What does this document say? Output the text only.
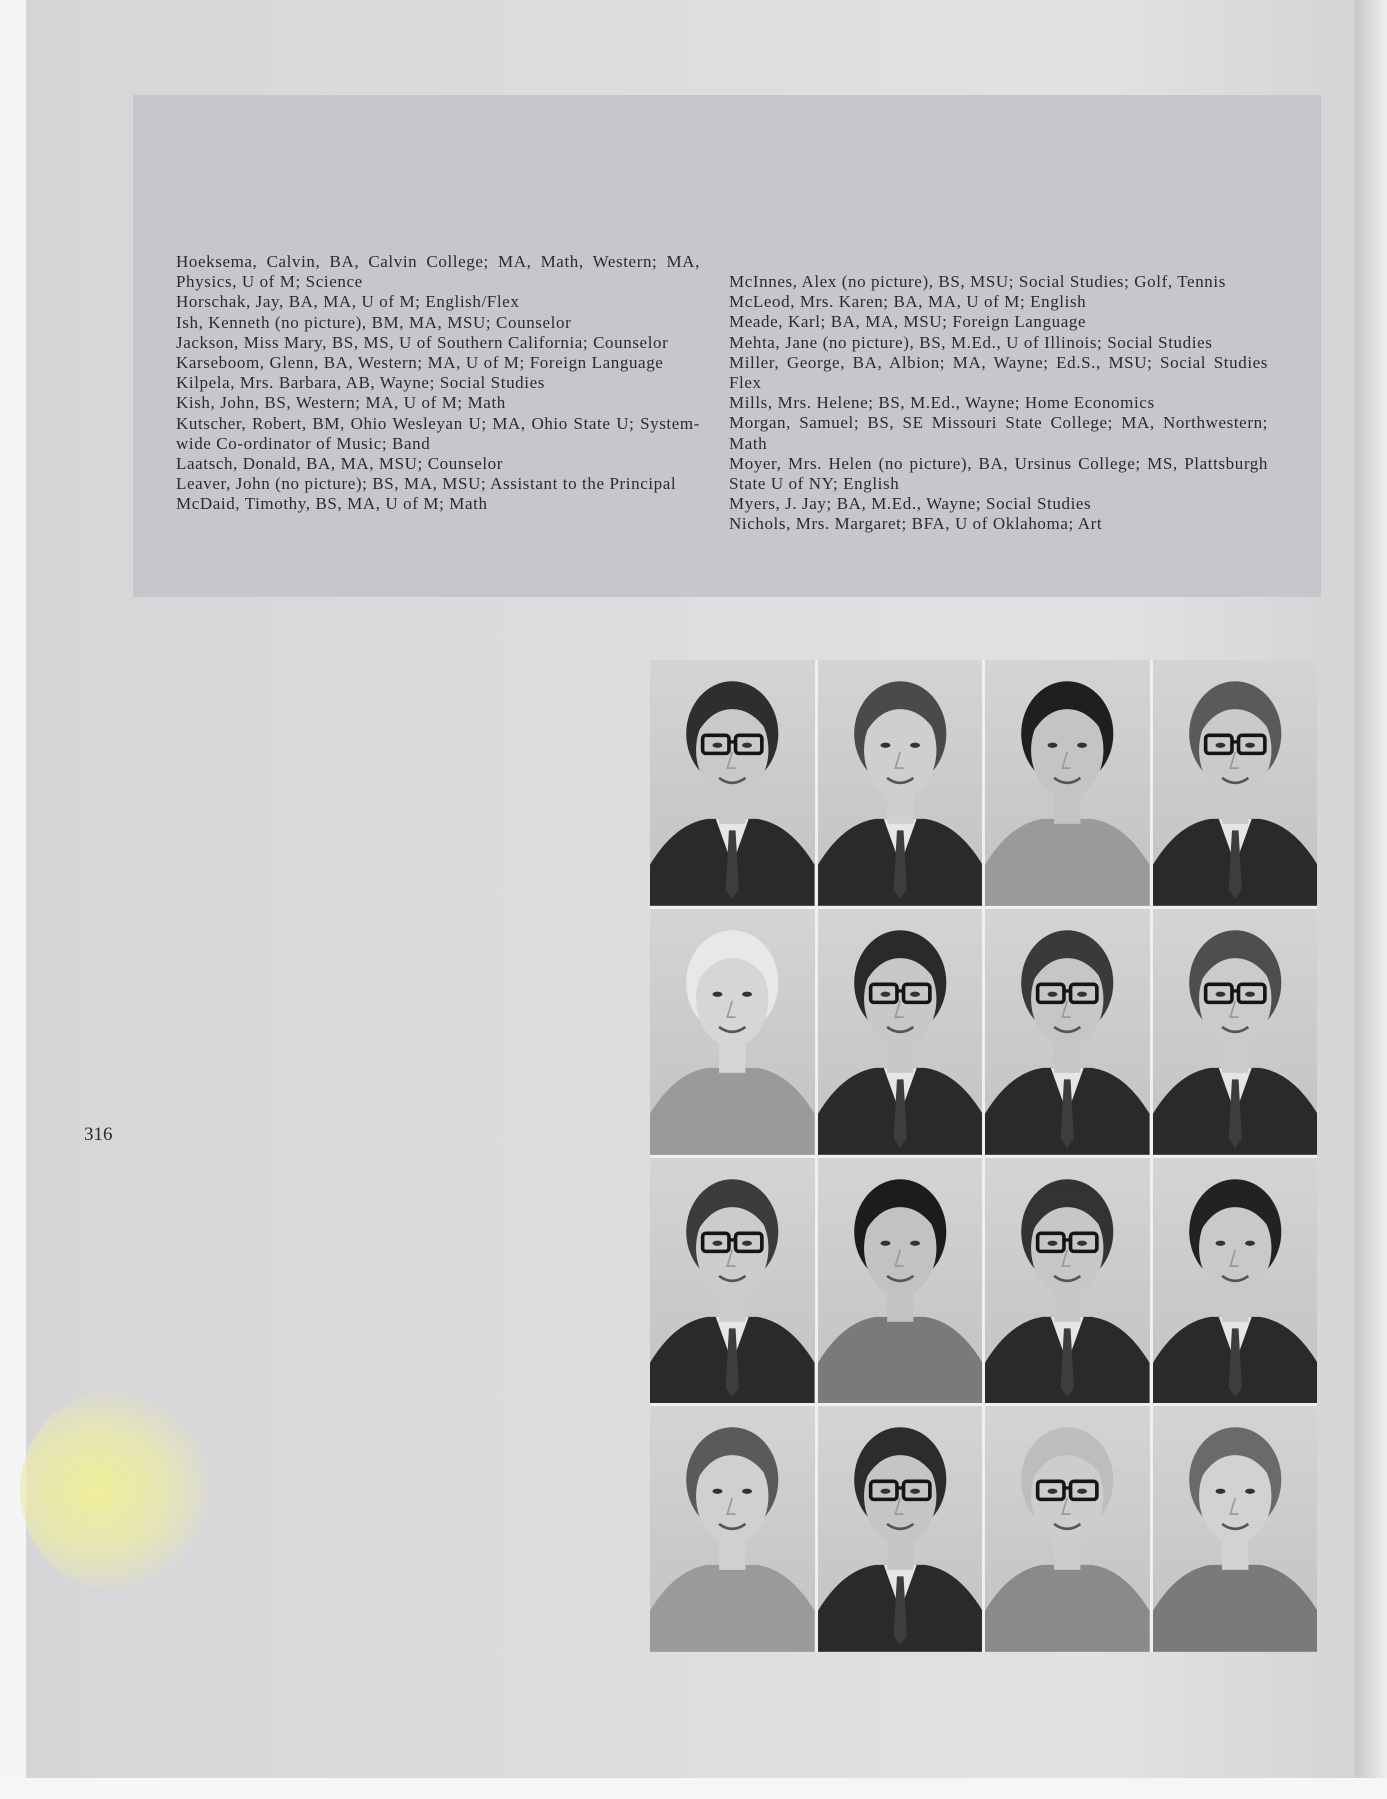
Hoeksema, Calvin, BA, Calvin College; MA, Math, Western; MA, Physics, U of M; Science

Horschak, Jay, BA, MA, U of M; English/Flex

Ish, Kenneth (no picture), BM, MA, MSU; Counselor

Jackson, Miss Mary, BS, MS, U of Southern California; Counselor

Karseboom, Glenn, BA, Western; MA, U of M; Foreign Language

Kilpela, Mrs. Barbara, AB, Wayne; Social Studies

Kish, John, BS, Western; MA, U of M; Math

Kutscher, Robert, BM, Ohio Wesleyan U; MA, Ohio State U; System-wide Co-ordinator of Music; Band

Laatsch, Donald, BA, MA, MSU; Counselor

Leaver, John (no picture); BS, MA, MSU; Assistant to the Principal

McDaid, Timothy, BS, MA, U of M; Math

McInnes, Alex (no picture), BS, MSU; Social Studies; Golf, Tennis

McLeod, Mrs. Karen; BA, MA, U of M; English

Meade, Karl; BA, MA, MSU; Foreign Language

Mehta, Jane (no picture), BS, M.Ed., U of Illinois; Social Studies

Miller, George, BA, Albion; MA, Wayne; Ed.S., MSU; Social Studies Flex

Mills, Mrs. Helene; BS, M.Ed., Wayne; Home Economics

Morgan, Samuel; BS, SE Missouri State College; MA, Northwestern; Math

Moyer, Mrs. Helen (no picture), BA, Ursinus College; MS, Plattsburgh State U of NY; English

Myers, J. Jay; BA, M.Ed., Wayne; Social Studies

Nichols, Mrs. Margaret; BFA, U of Oklahoma; Art

316
